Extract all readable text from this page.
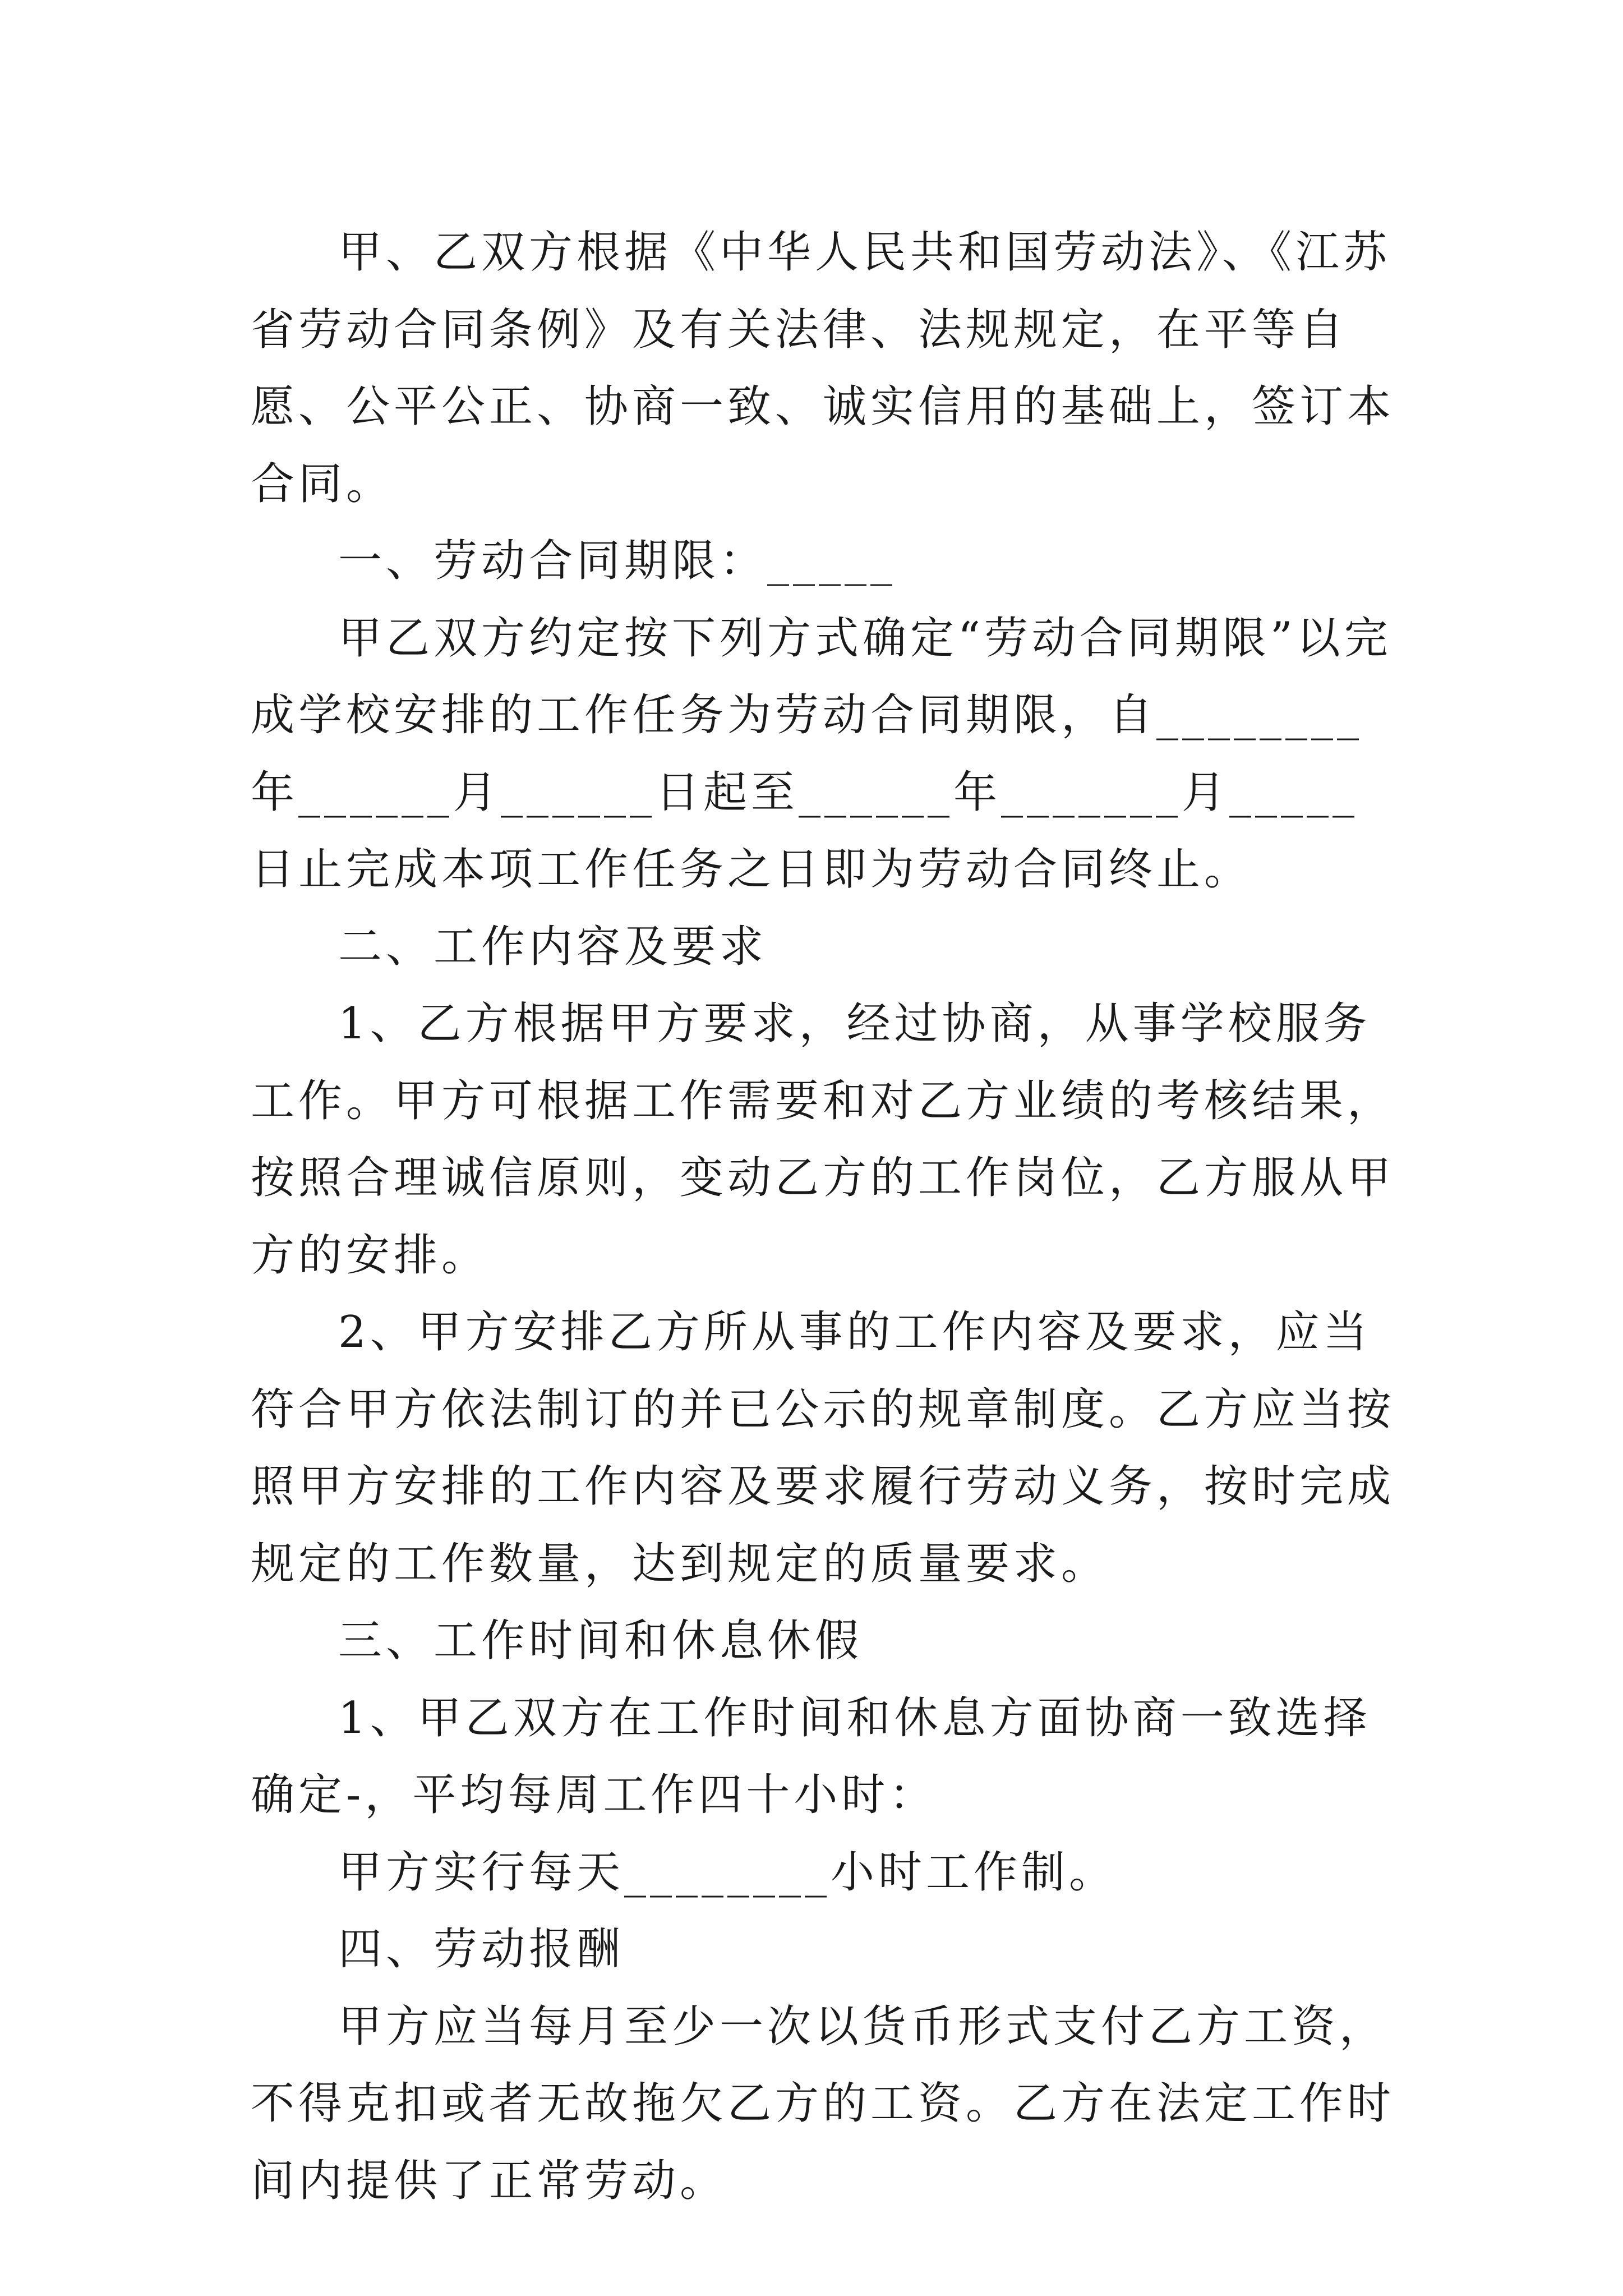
甲、乙双方根据《中华人民共和国劳动法》、《江苏省劳动合同条例》及有关法律、法规规定，在平等自愿、公平公正、协商一致、诚实信用的基础上，签订本合同。

一、劳动合同期限：_____

甲乙双方约定按下列方式确定“劳动合同期限”以完成学校安排的工作任务为劳动合同期限，自________年______月______日起至______年_______月_____日止完成本项工作任务之日即为劳动合同终止。

二、工作内容及要求

1、乙方根据甲方要求，经过协商，从事学校服务工作。甲方可根据工作需要和对乙方业绩的考核结果，按照合理诚信原则，变动乙方的工作岗位，乙方服从甲方的安排。

2、甲方安排乙方所从事的工作内容及要求，应当符合甲方依法制订的并已公示的规章制度。乙方应当按照甲方安排的工作内容及要求履行劳动义务，按时完成规定的工作数量，达到规定的质量要求。

三、工作时间和休息休假

1、甲乙双方在工作时间和休息方面协商一致选择确定-，平均每周工作四十小时：

甲方实行每天________小时工作制。

四、劳动报酬

甲方应当每月至少一次以货币形式支付乙方工资，不得克扣或者无故拖欠乙方的工资。乙方在法定工作时间内提供了正常劳动。
